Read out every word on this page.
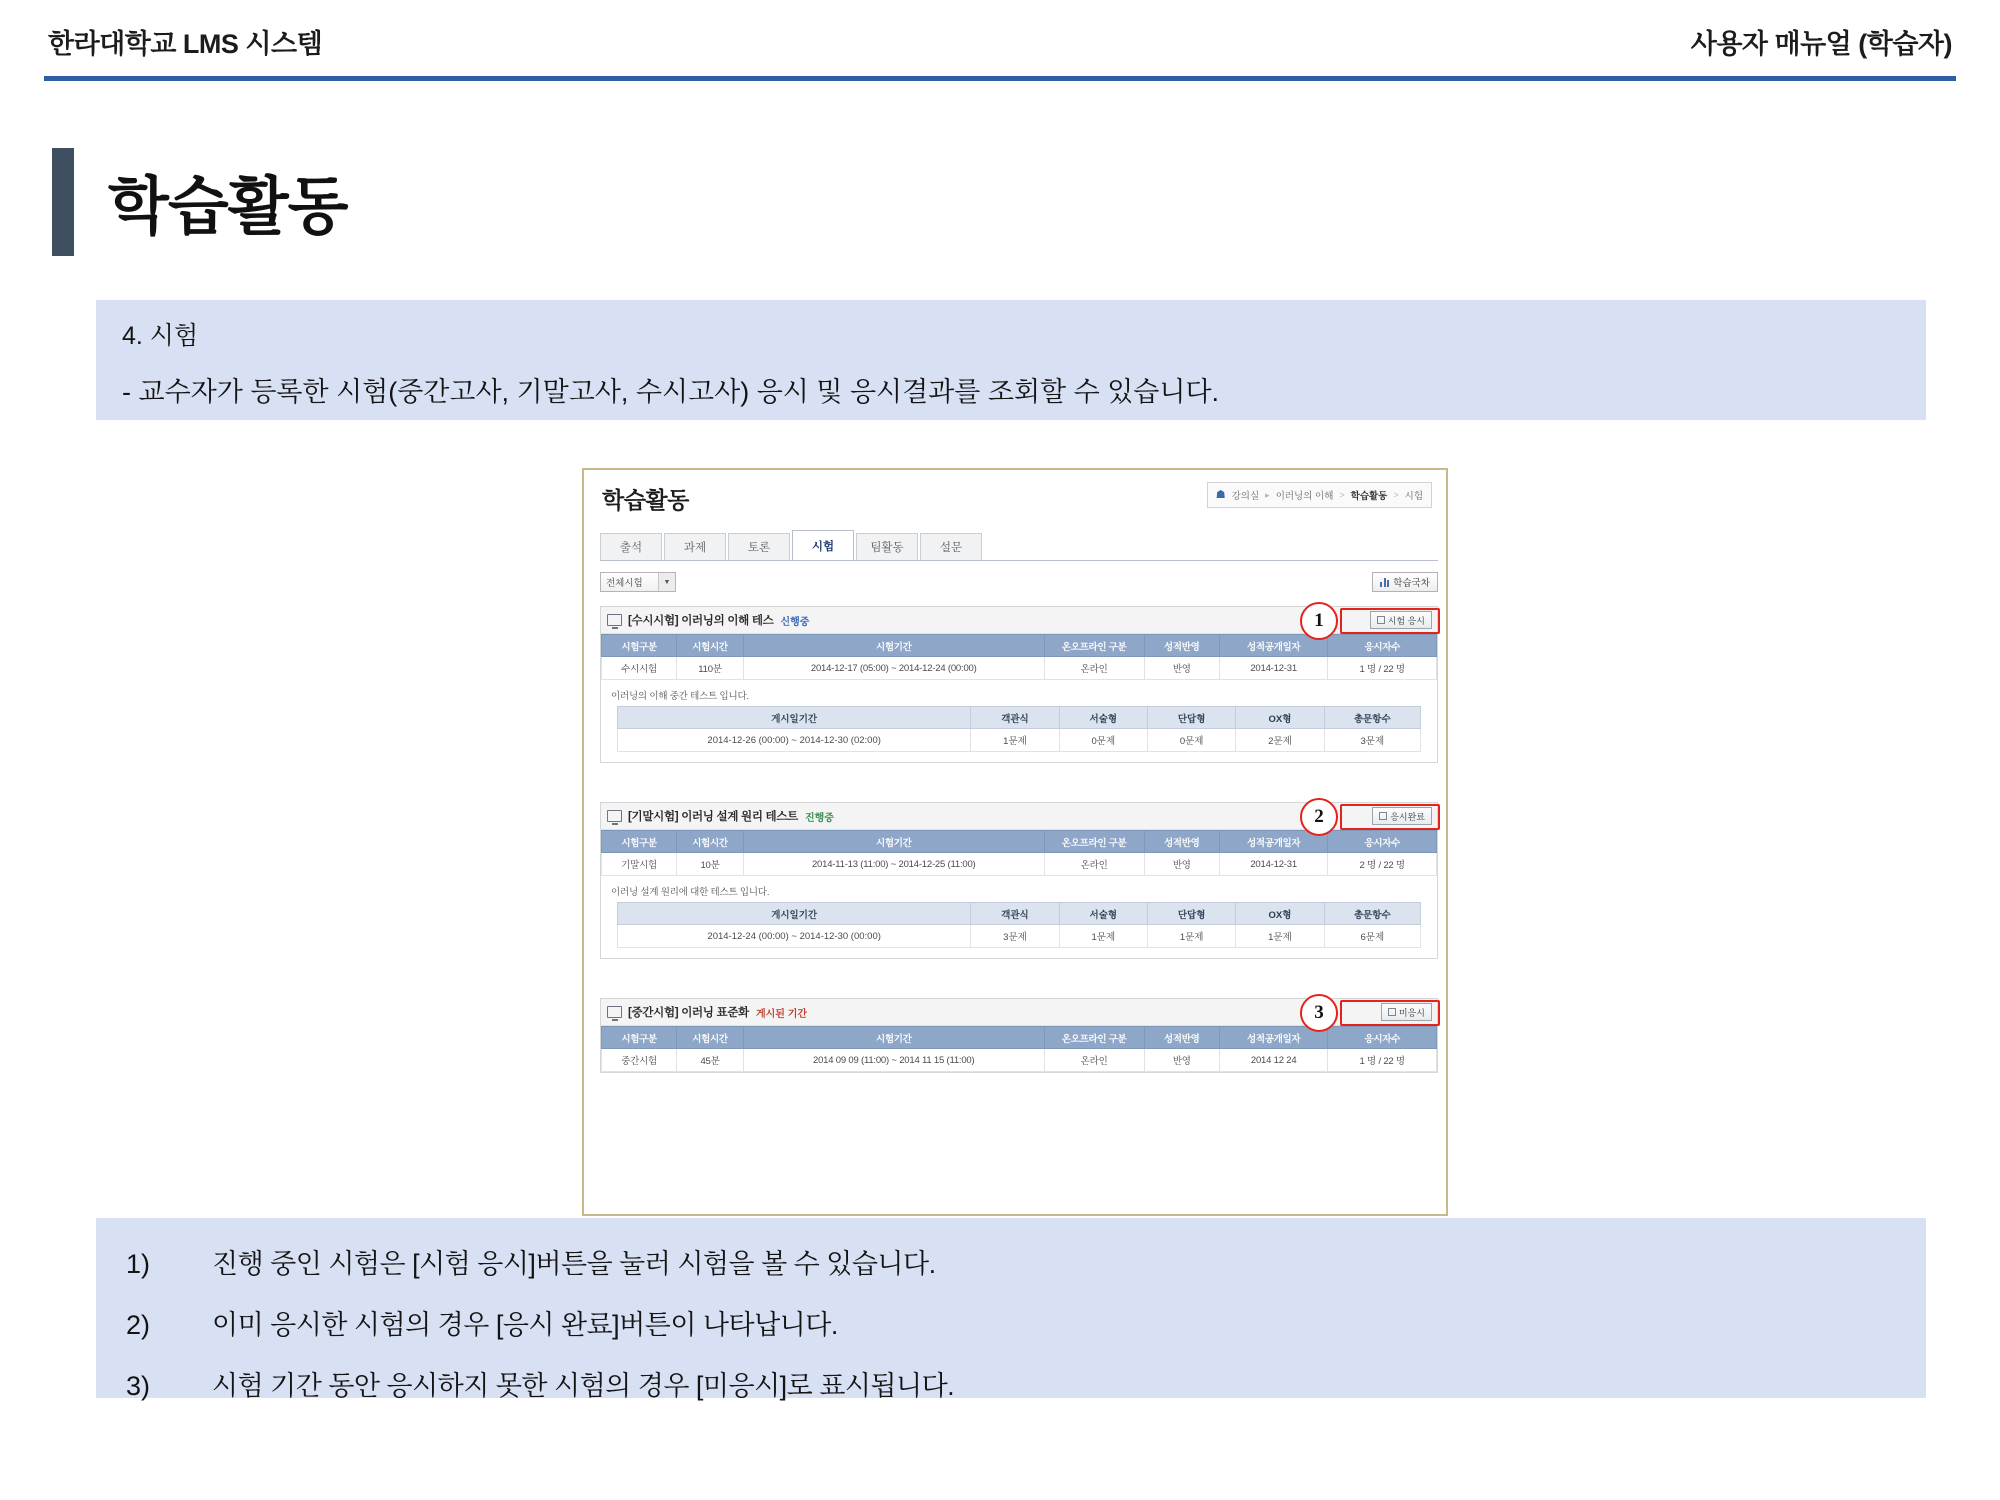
한라대학교 LMS 시스템	사용자 매뉴얼 (학습자)
학습활동
4. 시험
- 교수자가 등록한 시험(중간고사, 기말고사, 수시고사) 응시 및 응시결과를 조회할 수 있습니다.
학습활동	☗ 강의실 ▸ 이러닝의 이해 > 학습활동 > 시험
출석	과제	토론	시험	팀활동	설문
전체시험	▼	학습국차
[수시시험] 이러닝의 이해 테스 신행중	시험 응시
시험구분	시험시간	시험기간	온오프라인 구분	성적반영	성적공개일자	응시자수
수시시험	110분	2014-12-17 (05:00) ~ 2014-12-24 (00:00)	온라인	반영	2014-12-31	1 명 / 22 명
이러닝의 이해 중간 테스트 입니다.
게시일기간	객관식	서술형	단답형	OX형	총문항수
2014-12-26 (00:00) ~ 2014-12-30 (02:00)	1문제	0문제	0문제	2문제	3문제
[기말시험] 이러닝 설계 원리 테스트 진행중	응시완료
시험구분	시험시간	시험기간	온오프라인 구분	성적반영	성적공개일자	응시자수
기말시험	10분	2014-11-13 (11:00) ~ 2014-12-25 (11:00)	온라인	반영	2014-12-31	2 명 / 22 명
이러닝 설계 원리에 대한 테스트 입니다.
게시일기간	객관식	서술형	단답형	OX형	총문항수
2014-12-24 (00:00) ~ 2014-12-30 (00:00)	3문제	1문제	1문제	1문제	6문제
[중간시험] 이러닝 표준화 게시된 기간	미응시
시험구분	시험시간	시험기간	온오프라인 구분	성적반영	성적공개일자	응시자수
중간시험	45분	2014 09 09 (11:00) ~ 2014 11 15 (11:00)	온라인	반영	2014 12 24	1 명 / 22 명
1
2
3
1)	진행 중인 시험은 [시험 응시]버튼을 눌러 시험을 볼 수 있습니다.
2)	이미 응시한 시험의 경우 [응시 완료]버튼이 나타납니다.
3)	시험 기간 동안 응시하지 못한 시험의 경우 [미응시]로 표시됩니다.
